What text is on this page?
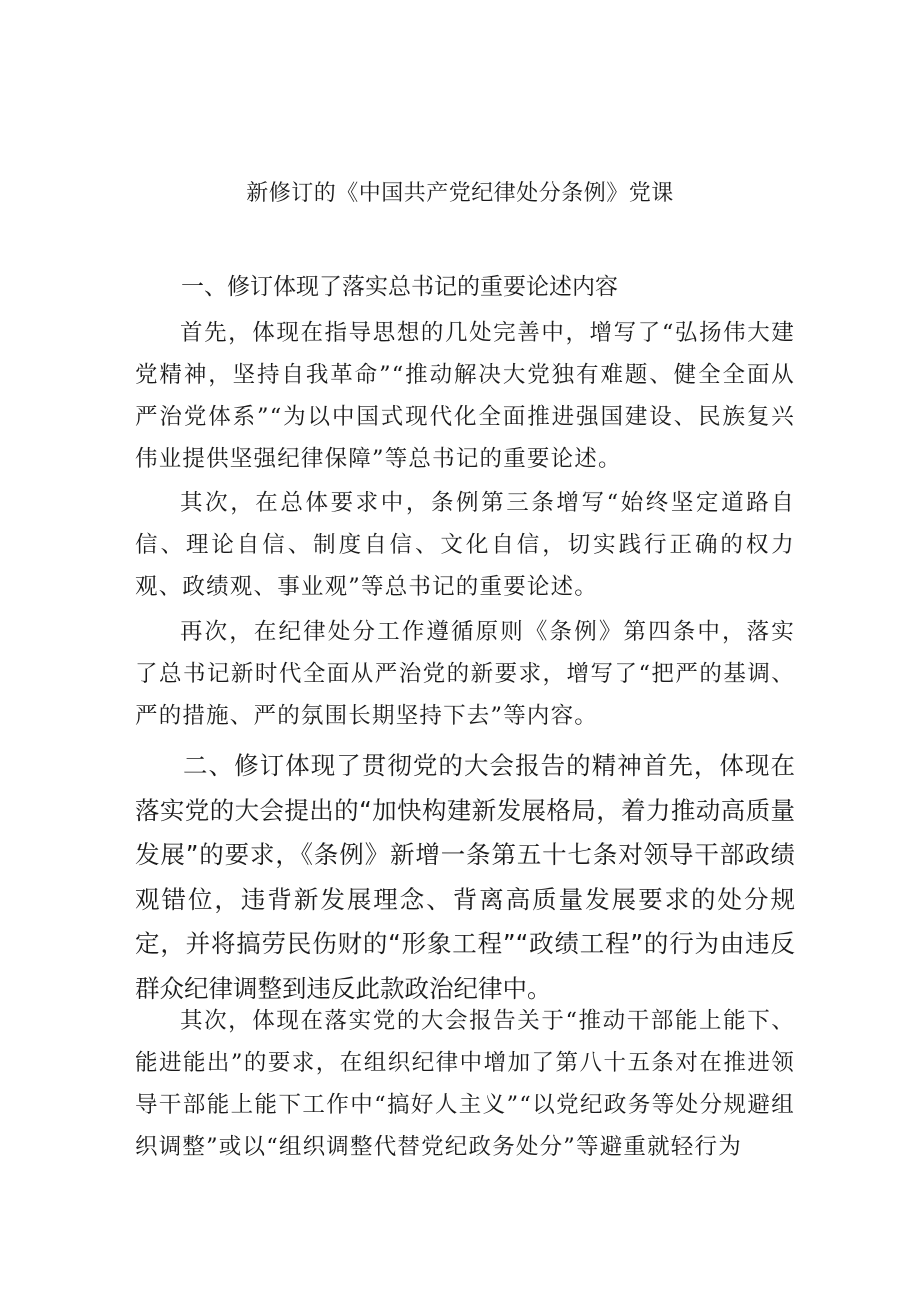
新修订的《中国共产党纪律处分条例》党课
一、修订体现了落实总书记的重要论述内容

首先，体现在指导思想的几处完善中，增写了“弘扬伟大建党精神，坚持自我革命”“推动解决大党独有难题、健全全面从严治党体系”“为以中国式现代化全面推进强国建设、民族复兴伟业提供坚强纪律保障”等总书记的重要论述。

其次，在总体要求中，条例第三条增写“始终坚定道路自信、理论自信、制度自信、文化自信，切实践行正确的权力观、政绩观、事业观”等总书记的重要论述。

再次，在纪律处分工作遵循原则《条例》第四条中，落实了总书记新时代全面从严治党的新要求，增写了“把严的基调、严的措施、严的氛围长期坚持下去”等内容。

二、修订体现了贯彻党的大会报告的精神首先，体现在落实党的大会提出的“加快构建新发展格局，着力推动高质量发展”的要求，《条例》新增一条第五十七条对领导干部政绩观错位，违背新发展理念、背离高质量发展要求的处分规定，并将搞劳民伤财的“形象工程”“政绩工程”的行为由违反群众纪律调整到违反此款政治纪律中。

其次，体现在落实党的大会报告关于“推动干部能上能下、能进能出”的要求，在组织纪律中增加了第八十五条对在推进领导干部能上能下工作中“搞好人主义”“以党纪政务等处分规避组织调整”或以“组织调整代替党纪政务处分”等避重就轻行为
